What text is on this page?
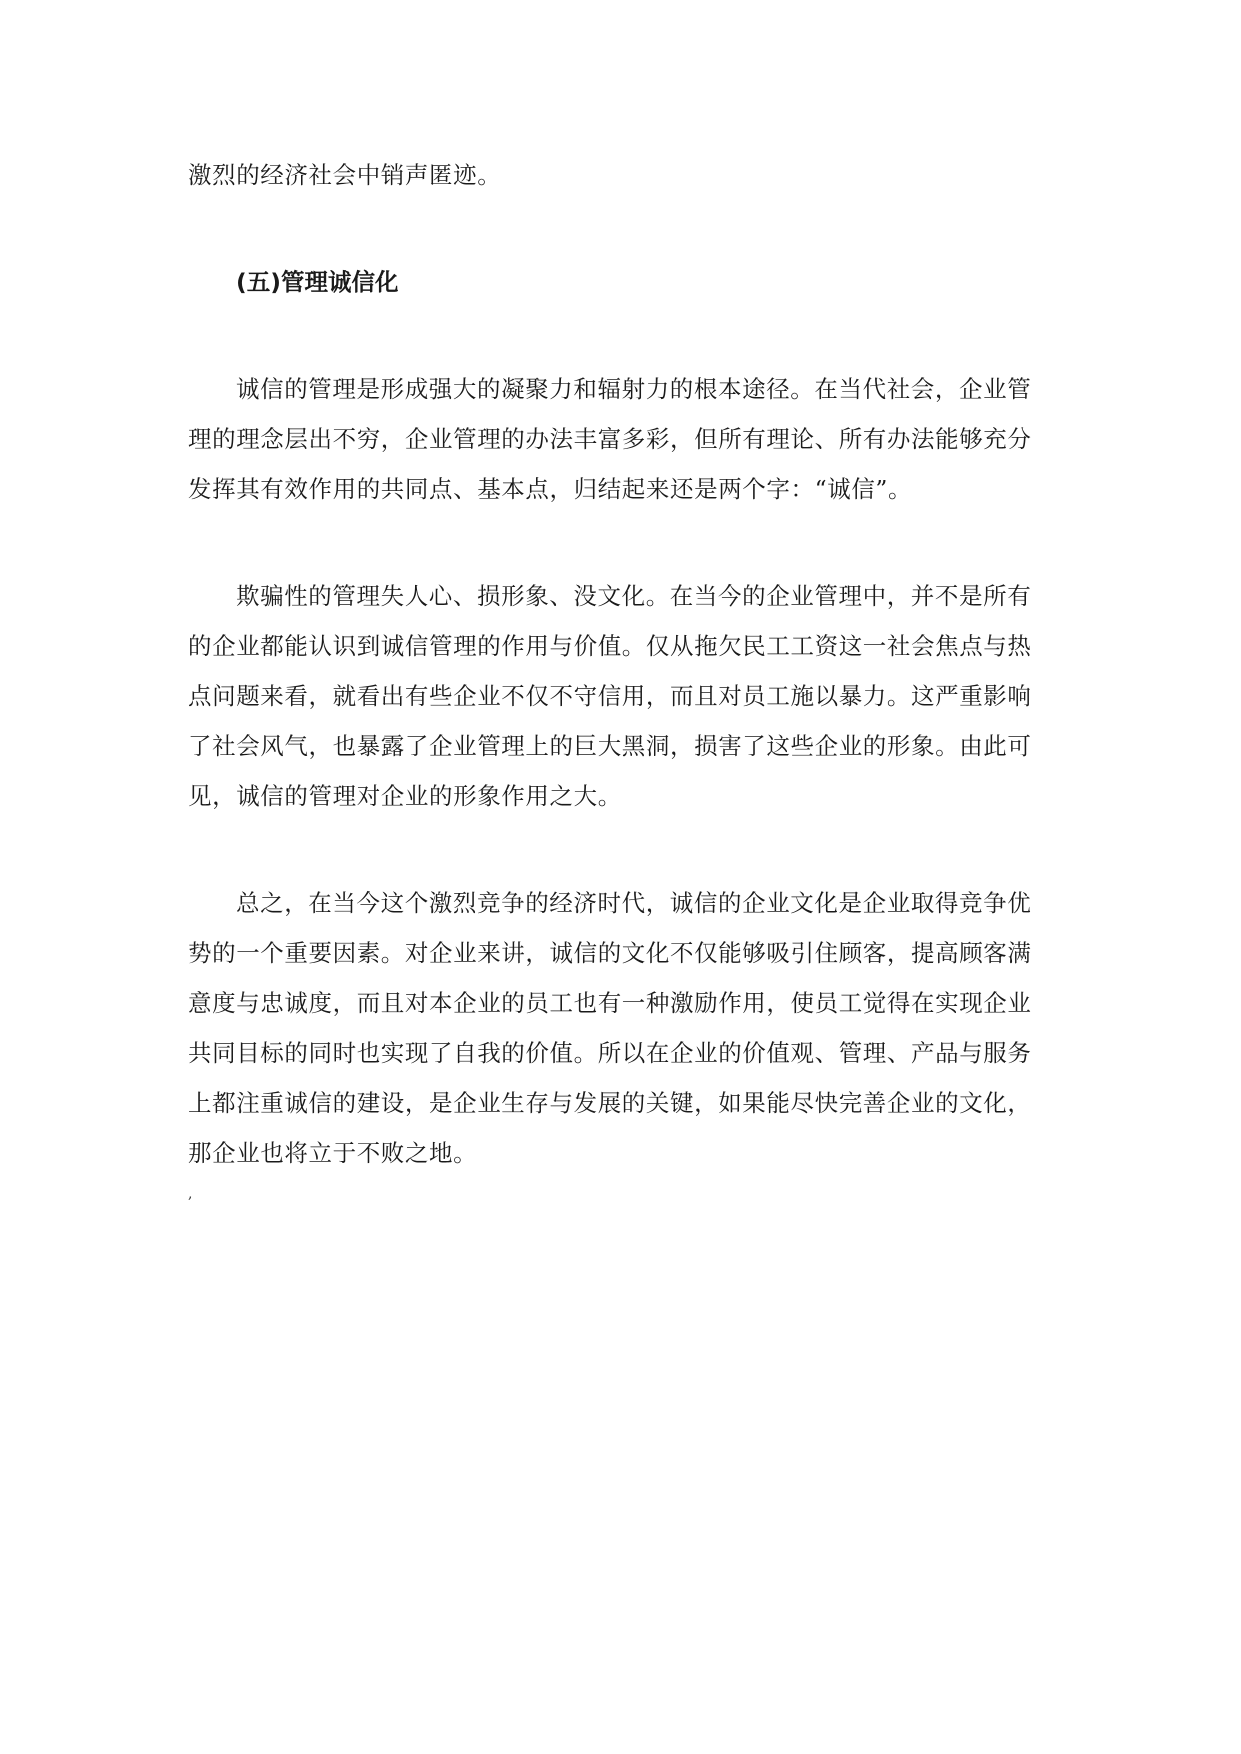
激烈的经济社会中销声匿迹。
(五)管理诚信化
诚信的管理是形成强大的凝聚力和辐射力的根本途径。在当代社会，企业管
理的理念层出不穷，企业管理的办法丰富多彩，但所有理论、所有办法能够充分
发挥其有效作用的共同点、基本点，归结起来还是两个字：“诚信”。
欺骗性的管理失人心、损形象、没文化。在当今的企业管理中，并不是所有
的企业都能认识到诚信管理的作用与价值。仅从拖欠民工工资这一社会焦点与热
点问题来看，就看出有些企业不仅不守信用，而且对员工施以暴力。这严重影响
了社会风气，也暴露了企业管理上的巨大黑洞，损害了这些企业的形象。由此可
见，诚信的管理对企业的形象作用之大。
总之，在当今这个激烈竞争的经济时代，诚信的企业文化是企业取得竞争优
势的一个重要因素。对企业来讲，诚信的文化不仅能够吸引住顾客，提高顾客满
意度与忠诚度，而且对本企业的员工也有一种激励作用，使员工觉得在实现企业
共同目标的同时也实现了自我的价值。所以在企业的价值观、管理、产品与服务
上都注重诚信的建设，是企业生存与发展的关键，如果能尽快完善企业的文化，
那企业也将立于不败之地。
,
